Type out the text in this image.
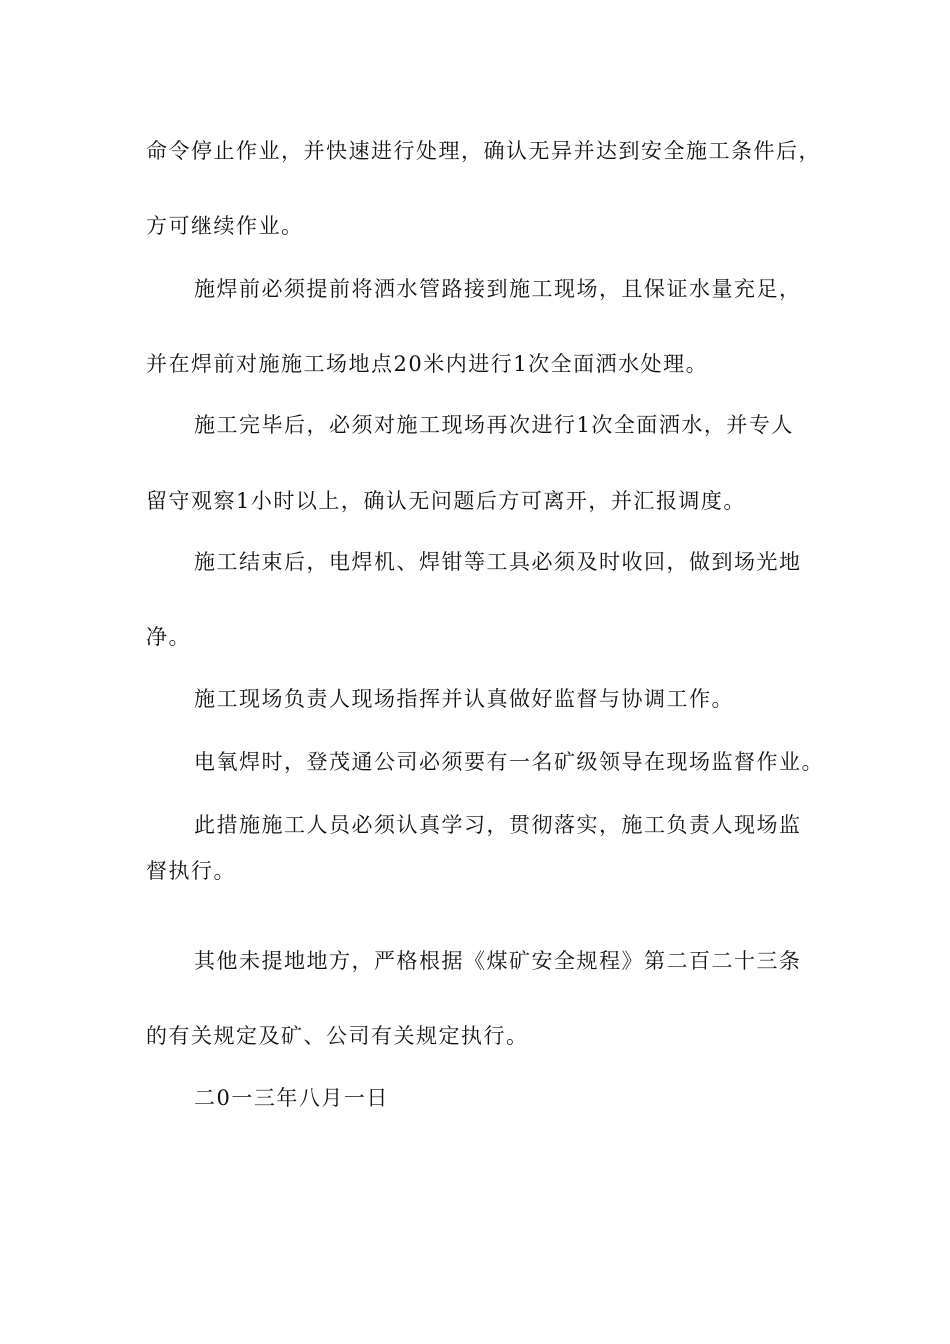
命令停止作业，并快速进行处理，确认无异并达到安全施工条件后，
方可继续作业。
施焊前必须提前将洒水管路接到施工现场，且保证水量充足，
并在焊前对施施工场地点20米内进行1次全面洒水处理。
施工完毕后，必须对施工现场再次进行1次全面洒水，并专人
留守观察1小时以上，确认无问题后方可离开，并汇报调度。
施工结束后，电焊机、焊钳等工具必须及时收回，做到场光地
净。
施工现场负责人现场指挥并认真做好监督与协调工作。
电氧焊时，登茂通公司必须要有一名矿级领导在现场监督作业。
此措施施工人员必须认真学习，贯彻落实，施工负责人现场监
督执行。
其他未提地地方，严格根据《煤矿安全规程》第二百二十三条
的有关规定及矿、公司有关规定执行。
二0一三年八月一日
